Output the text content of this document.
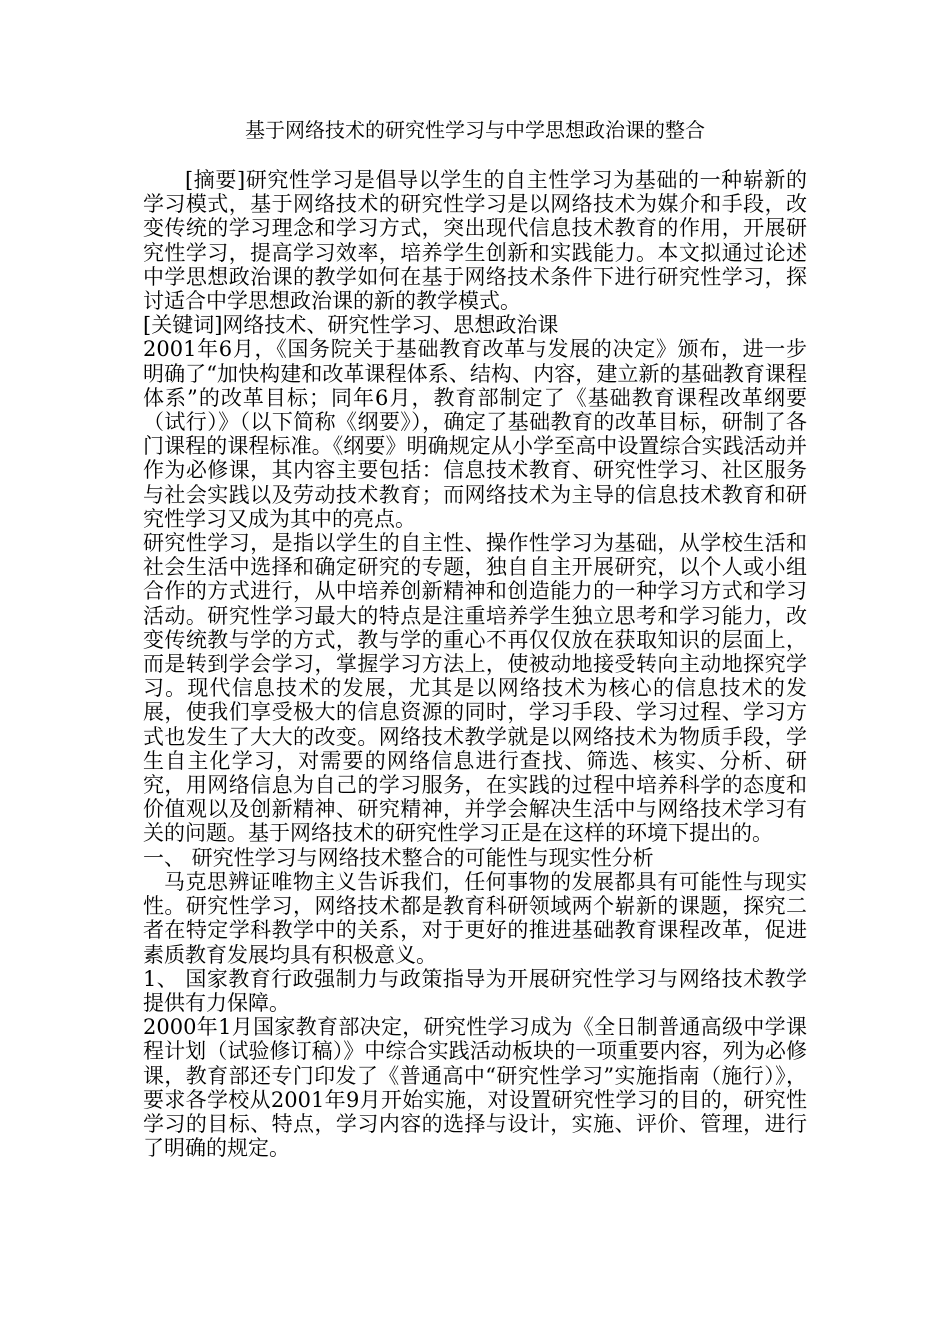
基于网络技术的研究性学习与中学思想政治课的整合

[摘要]研究性学习是倡导以学生的自主性学习为基础的一种崭新的学习模式，基于网络技术的研究性学习是以网络技术为媒介和手段，改变传统的学习理念和学习方式，突出现代信息技术教育的作用，开展研究性学习，提高学习效率，培养学生创新和实践能力。本文拟通过论述中学思想政治课的教学如何在基于网络技术条件下进行研究性学习，探讨适合中学思想政治课的新的教学模式。

[关键词]网络技术、研究性学习、思想政治课

2001年6月，《国务院关于基础教育改革与发展的决定》颁布，进一步明确了“加快构建和改革课程体系、结构、内容，建立新的基础教育课程体系”的改革目标；同年6月，教育部制定了《基础教育课程改革纲要（试行）》（以下简称《纲要》），确定了基础教育的改革目标，研制了各门课程的课程标准。《纲要》明确规定从小学至高中设置综合实践活动并作为必修课，其内容主要包括：信息技术教育、研究性学习、社区服务与社会实践以及劳动技术教育；而网络技术为主导的信息技术教育和研究性学习又成为其中的亮点。

研究性学习，是指以学生的自主性、操作性学习为基础，从学校生活和社会生活中选择和确定研究的专题，独自自主开展研究，以个人或小组合作的方式进行，从中培养创新精神和创造能力的一种学习方式和学习活动。研究性学习最大的特点是注重培养学生独立思考和学习能力，改变传统教与学的方式，教与学的重心不再仅仅放在获取知识的层面上，而是转到学会学习，掌握学习方法上，使被动地接受转向主动地探究学习。现代信息技术的发展，尤其是以网络技术为核心的信息技术的发展，使我们享受极大的信息资源的同时，学习手段、学习过程、学习方式也发生了大大的改变。网络技术教学就是以网络技术为物质手段，学生自主化学习，对需要的网络信息进行查找、筛选、核实、分析、研究，用网络信息为自己的学习服务，在实践的过程中培养科学的态度和价值观以及创新精神、研究精神，并学会解决生活中与网络技术学习有关的问题。基于网络技术的研究性学习正是在这样的环境下提出的。

一、 研究性学习与网络技术整合的可能性与现实性分析

马克思辨证唯物主义告诉我们，任何事物的发展都具有可能性与现实性。研究性学习，网络技术都是教育科研领域两个崭新的课题，探究二者在特定学科教学中的关系，对于更好的推进基础教育课程改革，促进素质教育发展均具有积极意义。

1、 国家教育行政强制力与政策指导为开展研究性学习与网络技术教学提供有力保障。

2000年1月国家教育部决定，研究性学习成为《全日制普通高级中学课程计划（试验修订稿）》中综合实践活动板块的一项重要内容，列为必修课，教育部还专门印发了《普通高中“研究性学习”实施指南（施行）》，要求各学校从2001年9月开始实施，对设置研究性学习的目的，研究性学习的目标、特点，学习内容的选择与设计，实施、评价、管理，进行了明确的规定。
